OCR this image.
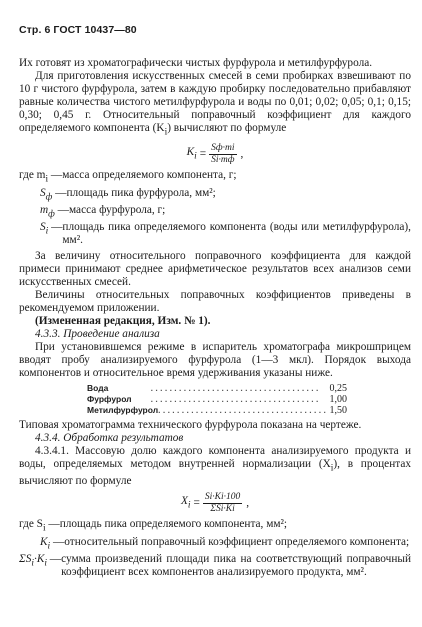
Стр. 6 ГОСТ 10437—80

Их готовят из хроматографически чистых фурфурола и метилфурфурола.

Для приготовления искусственных смесей в семи пробирках взвешивают по 10 г чистого фурфурола, затем в каждую пробирку последовательно прибавляют равные количества чистого метилфурфурола и воды по 0,01; 0,02; 0,05; 0,1; 0,15; 0,30; 0,45 г. Относительный поправочный коэффициент для каждого определяемого компонента $(K_i)$ вычисляют по формуле

$K_i = \frac{Sф\cdot mi}{Si\cdot mф}$ ,
где $m_i$ — масса определяемого компонента, г;
$S_ф$ — площадь пика фурфурола, мм²;
$m_ф$ — масса фурфурола, г;
$S_i$ — площадь пика определяемого компонента (воды или метилфурфурола), мм².

За величину относительного поправочного коэффициента для каждой примеси принимают среднее арифметическое результатов всех анализов семи искусственных смесей.

Величины относительных поправочных коэффициентов приведены в рекомендуемом приложении.

(Измененная редакция, Изм. № 1).

4.3.3. Проведение анализа

При установившемся режиме в испаритель хроматографа микрошприцем вводят пробу анализируемого фурфурола (1—3 мкл). Порядок выхода компонентов и относительное время удерживания указаны ниже.

Вода	. . . . . . . . . . . . . . . . . . . . . . . . . . . . . . . . . . . .	0,25
Фурфурол	. . . . . . . . . . . . . . . . . . . . . . . . . . . . . . . . . . . .	1,00
Метилфурфурол . . . . . . . . . . . . . . . . . . . . . . . . . . . . . . . . . . . . 1,50

Типовая хроматограмма технического фурфурола показана на чертеже.

4.3.4. Обработка результатов

4.3.4.1. Массовую долю каждого компонента анализируемого продукта и воды, определяемых методом внутренней нормализации $(X_i)$, в процентах вычисляют по формуле

$X_i = \frac{Si\cdot Ki\cdot 100}{\text{ΣSi·Ki}}$ ,
где $S_i$ — площадь пика определяемого компонента, мм²;
$K_i$ — относительный поправочный коэффициент определяемого компонента;
$\Sigma S_i\cdot K_i$ — сумма произведений площади пика на соответствующий поправочный коэффициент всех компонентов анализируемого продукта, мм².
